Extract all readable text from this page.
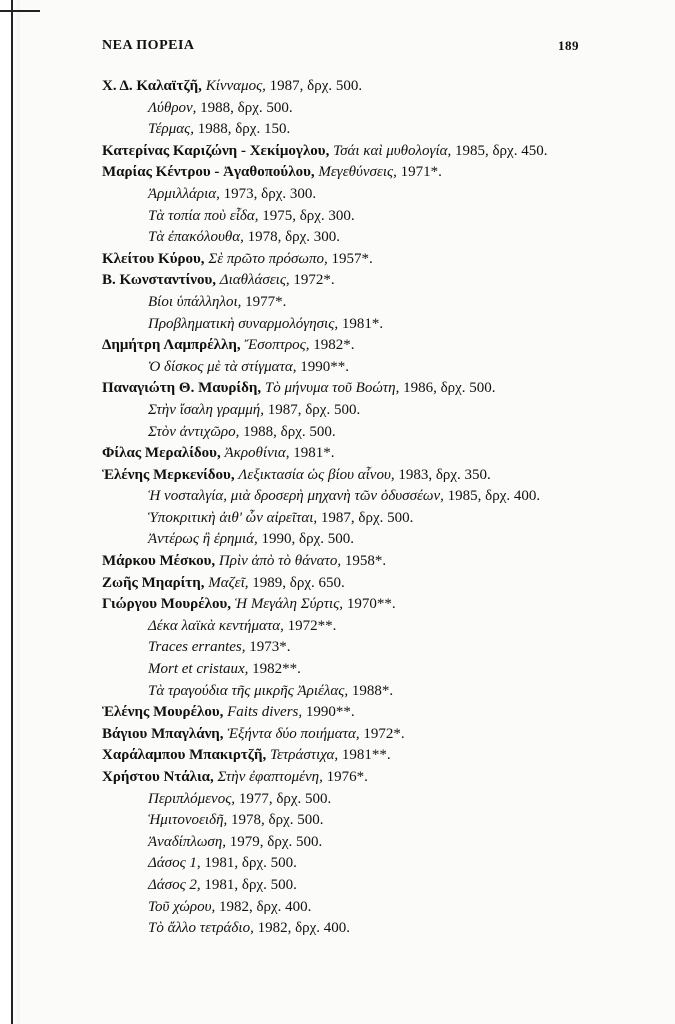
ΝΕΑ ΠΟΡΕΙΑ	189
Χ. Δ. Καλαϊτζῆ, Κίνναμος, 1987, δρχ. 500.
Λύθρον, 1988, δρχ. 500.
Τέρμας, 1988, δρχ. 150.
Κατερίνας Καριζώνη - Χεκίμογλου, Τσάι καὶ μυθολογία, 1985, δρχ. 450.
Μαρίας Κέντρου - Ἀγαθοπούλου, Μεγεθύνσεις, 1971*.
Ἀρμιλλάρια, 1973, δρχ. 300.
Τὰ τοπία ποὺ εἶδα, 1975, δρχ. 300.
Τὰ ἐπακόλουθα, 1978, δρχ. 300.
Κλείτου Κύρου, Σὲ πρῶτο πρόσωπο, 1957*.
Β. Κωνσταντίνου, Διαθλάσεις, 1972*.
Βίοι ὑπάλληλοι, 1977*.
Προβληματικὴ συναρμολόγησις, 1981*.
Δημήτρη Λαμπρέλλη, Ἔσοπτρος, 1982*.
Ὁ δίσκος μὲ τὰ στίγματα, 1990**.
Παναγιώτη Θ. Μαυρίδη, Τὸ μήνυμα τοῦ Βοώτη, 1986, δρχ. 500.
Στὴν ἴσαλη γραμμή, 1987, δρχ. 500.
Στὸν ἀντιχῶρο, 1988, δρχ. 500.
Φίλας Μεραλίδου, Ἀκροθίνια, 1981*.
Ἑλένης Μερκενίδου, Λεξικτασία ὡς βίου αἶνου, 1983, δρχ. 350.
Ἡ νοσταλγία, μιὰ δροσερὴ μηχανὴ τῶν ὀδυσσέων, 1985, δρχ. 400.
Ὑποκριτικὴ ἀιθ' ὧν αἱρεῖται, 1987, δρχ. 500.
Ἀντέρως ἢ ἐρημιά, 1990, δρχ. 500.
Μάρκου Μέσκου, Πρὶν ἀπὸ τὸ θάνατο, 1958*.
Ζωῆς Μηαρίτη, Μαζεῖ, 1989, δρχ. 650.
Γιώργου Μουρέλου, Ἡ Μεγάλη Σύρτις, 1970**.
Δέκα λαϊκὰ κεντήματα, 1972**.
Traces errantes, 1973*.
Mort et cristaux, 1982**.
Τὰ τραγούδια τῆς μικρῆς Ἀριέλας, 1988*.
Ἑλένης Μουρέλου, Faits divers, 1990**.
Βάγιου Μπαγλάνη, Ἑξήντα δύο ποιήματα, 1972*.
Χαράλαμπου Μπακιρτζῆ, Τετράστιχα, 1981**.
Χρήστου Ντάλια, Στὴν ἐφαπτομένη, 1976*.
Περιπλόμενος, 1977, δρχ. 500.
Ἡμιτονοειδῆ, 1978, δρχ. 500.
Ἀναδίπλωση, 1979, δρχ. 500.
Δάσος 1, 1981, δρχ. 500.
Δάσος 2, 1981, δρχ. 500.
Τοῦ χώρου, 1982, δρχ. 400.
Τὸ ἄλλο τετράδιο, 1982, δρχ. 400.
